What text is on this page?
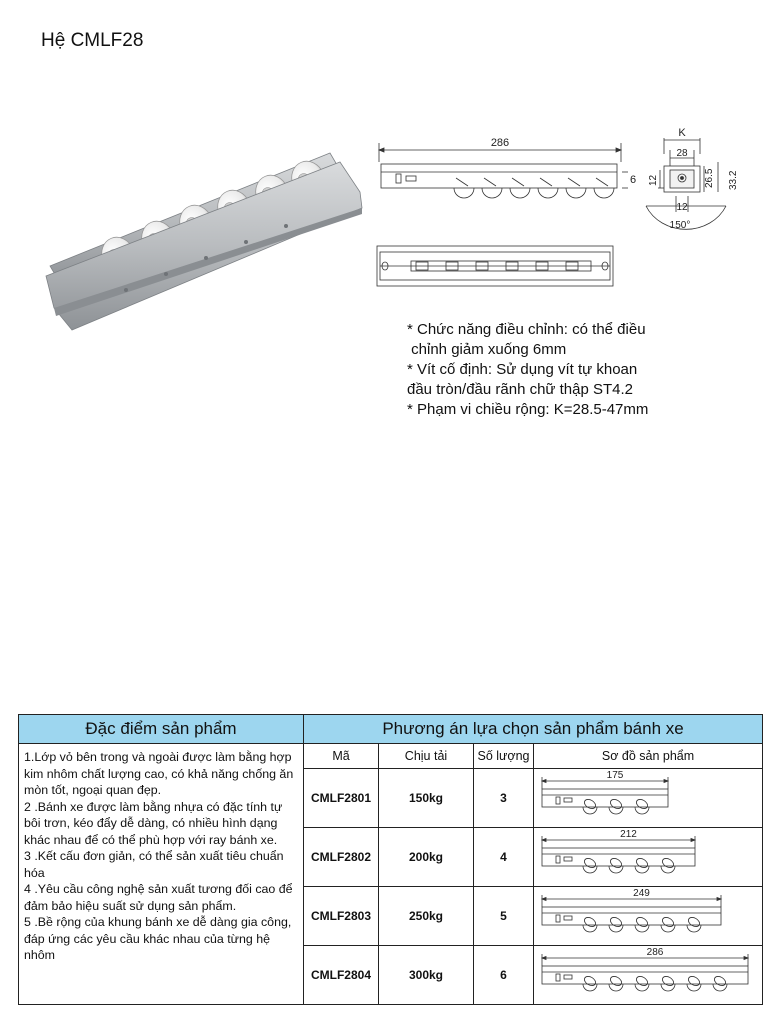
Hệ CMLF28
286
6
K
28
12	26.5 33.2
12
150°
* Chức năng điều chỉnh: có thể điều
chỉnh giảm xuống 6mm
* Vít cố định: Sử dụng vít tự khoan
đầu tròn/đầu rãnh chữ thập ST4.2
* Phạm vi chiều rộng: K=28.5-47mm
Đặc điểm sản phẩm	Phương án lựa chọn sản phẩm bánh xe			

1.Lớp vỏ bên trong và ngoài được làm bằng hợp kim nhôm chất lượng cao, có khả năng chống ăn mòn tốt, ngoại quan đẹp.
2 .Bánh xe được làm bằng nhựa có đặc tính tự bôi trơn, kéo đẩy dễ dàng, có nhiều hình dạng khác nhau để có thể phù hợp với ray bánh xe.
3 .Kết cấu đơn giản, có thể sản xuất tiêu chuẩn hóa
4 .Yêu cầu công nghệ sản xuất tương đối cao để đảm bảo hiệu suất sử dụng sản phẩm.
5 .Bề rộng của khung bánh xe dễ dàng gia công, đáp ứng các yêu cầu khác nhau của từng hệ nhôm	Mã	Chịu tải	Số lượng	Sơ đồ sản phẩm
	CMLF2801	150kg	3	175

	CMLF2802	200kg	4	212

	CMLF2803	250kg	5	249

	CMLF2804	300kg	6	286
